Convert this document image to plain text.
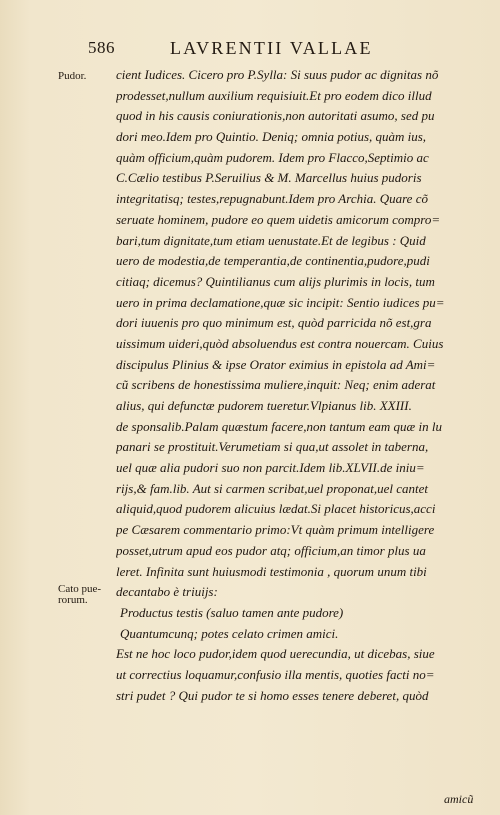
586	LAVRENTII VALLAE
Pudor.
Cato pue- rorum.
cient Iudices. Cicero pro P.Sylla: Si suus pudor ac dignitas nõ
prodesset,nullum auxilium requisiuit.Et pro eodem dico illud
quod in his causis coniurationis,non autoritati asumo, sed pu
dori meo.Idem pro Quintio. Deniq; omnia potius, quàm ius,
quàm officium,quàm pudorem. Idem pro Flacco,Septimio ac
C.Cælio testibus P.Seruilius & M. Marcellus huius pudoris
integritatisq; testes,repugnabunt.Idem pro Archia. Quare cõ
seruate hominem, pudore eo quem uidetis amicorum compro=
bari,tum dignitate,tum etiam uenustate.Et de legibus : Quid
uero de modestia,de temperantia,de continentia,pudore,pudi
citiaq; dicemus? Quintilianus cum alijs plurimis in locis, tum
uero in prima declamatione,quæ sic incipit: Sentio iudices pu=
dori iuuenis pro quo minimum est, quòd parricida nõ est,gra
uissimum uideri,quòd absoluendus est contra nouercam. Cuius
discipulus Plinius & ipse Orator eximius in epistola ad Ami=
cũ scribens de honestissima muliere,inquit: Neq; enim aderat
alius, qui defunctæ pudorem tueretur.Vlpianus lib. XXIII.
de sponsalib.Palam quæstum facere,non tantum eam quæ in lu
panari se prostituit.Verumetiam si qua,ut assolet in taberna,
uel quæ alia pudori suo non parcit.Idem lib.XLVII.de iniu=
rijs,& fam.lib. Aut si carmen scribat,uel proponat,uel cantet
aliquid,quod pudorem alicuius lædat.Si placet historicus,acci
pe Cæsarem commentario primo:Vt quàm primum intelligere
posset,utrum apud eos pudor atq; officium,an timor plus ua
leret. Infinita sunt huiusmodi testimonia , quorum unum tibi
decantabo è triuijs:
Productus testis (saluo tamen ante pudore)
Quantumcunq; potes celato crimen amici.
Est ne hoc loco pudor,idem quod uerecundia, ut dicebas, siue
ut correctius loquamur,confusio illa mentis, quoties facti no=
stri pudet ? Qui pudor te si homo esses tenere deberet, quòd
amicũ
